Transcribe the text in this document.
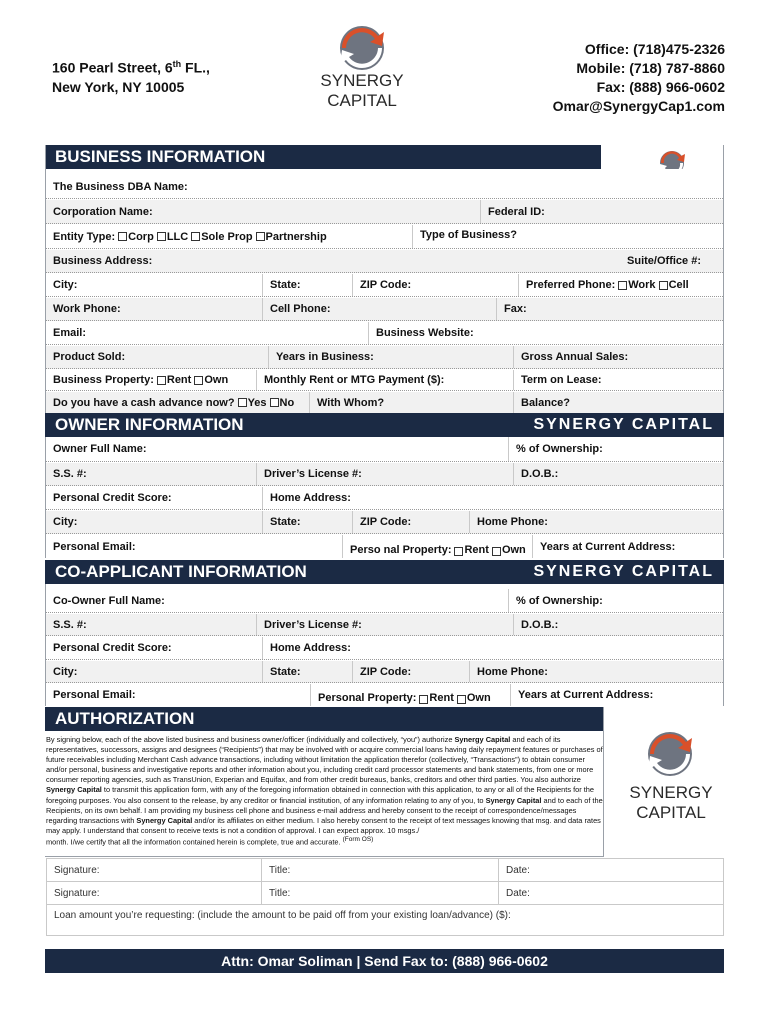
160 Pearl Street, 6th FL.,
New York, NY 10005	SYNERGY
CAPITAL
Office: (718)475-2326
Mobile: (718) 787-8860
Fax: (888) 966-0602
Omar@SynergyCap1.com
BUSINESS INFORMATION
The Business DBA Name:
Corporation Name:	Federal ID:
Entity Type: Corp LLC Sole Prop Partnership	Type of Business?
Business Address:	Suite/Office #:
City:	State:	ZIP Code:	Preferred Phone: Work Cell
Work Phone:	Cell Phone:	Fax:
Email:	Business Website:
Product Sold:	Years in Business:	Gross Annual Sales:
Business Property: Rent Own	Monthly Rent or MTG Payment ($):	Term on Lease:
Do you have a cash advance now? Yes No With Whom?	Balance?
OWNER INFORMATION	SYNERGY CAPITAL
Owner Full Name:	% of Ownership:
S.S. #:	Driver’s License #:	D.O.B.:
Personal Credit Score:	Home Address:
City:	State:	ZIP Code:	Home Phone:
Personal Email:	Perso nal Property: Rent Own Years at Current Address:
CO-APPLICANT INFORMATION	SYNERGY CAPITAL
Co-Owner Full Name:	% of Ownership:
S.S. #:	Driver’s License #:	D.O.B.:
Personal Credit Score:	Home Address:
City:	State:	ZIP Code:	Home Phone:
Personal Email:	Personal Property: Rent Own Years at Current Address:
AUTHORIZATION
By signing below, each of the above listed business and business owner/officer (individually and collectively, “you”) authorize Synergy Capital and each of its representatives, successors, assigns and designees (“Recipients”) that may be involved with or acquire commercial loans having daily repayment features or purchases of future receivables including Merchant Cash advance transactions, including without limitation the application therefor (collectively, “Transactions”) to obtain consumer and/or personal, business and investigative reports and other information about you, including credit card processor statements and bank statements, from one or more consumer reporting agencies, such as TransUnion, Experian and Equifax, and from other credit bureaus, banks, creditors and other third parties. You also authorize Synergy Capital to transmit this application form, with any of the foregoing information obtained in connection with this application, to any or all of the Recipients for the foregoing purposes. You also consent to the release, by any creditor or financial institution, of any information relating to any of you, to Synergy Capital and to each of the Recipients, on its own behalf. I am providing my business cell phone and business e-mail address and hereby consent to the receipt of correspondence/messages regarding transactions with Synergy Capital and/or its affiliates on either medium. I also hereby consent to the receipt of text messages knowing that msg. and data rates may apply. I understand that consent to receive texts is not a condition of approval. I can expect approx. 10 msgs./
month. I/we certify that all the information contained herein is complete, true and accurate. $^{(Form OS)}$
SYNERGY
CAPITAL
Signature:	Title:	Date:
Signature:	Title:	Date:
Loan amount you’re requesting: (include the amount to be paid off from your existing loan/advance) ($):
Attn: Omar Soliman | Send Fax to: (888) 966-0602
